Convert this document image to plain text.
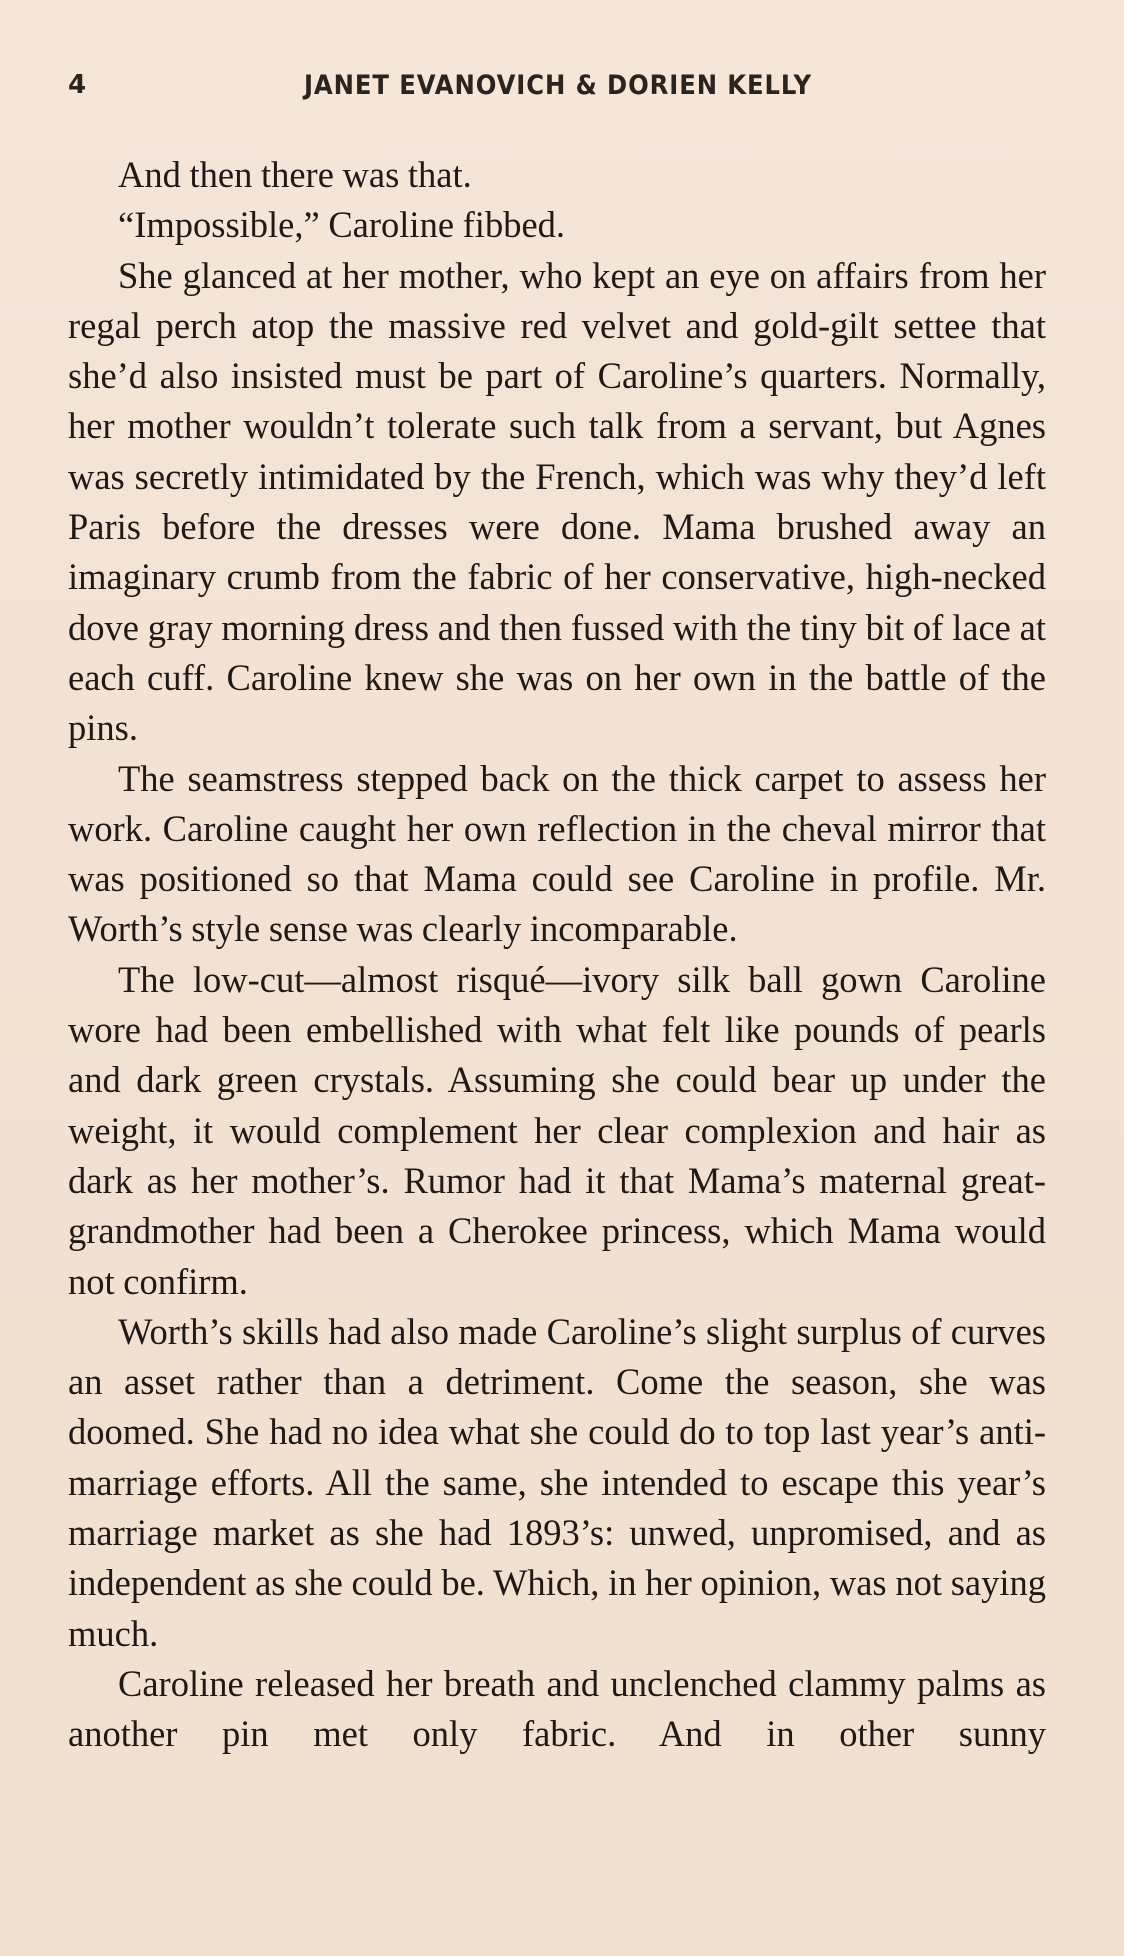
4	JANET EVANOVICH & DORIEN KELLY

And then there was that.

“Impossible,” Caroline fibbed.

She glanced at her mother, who kept an eye on affairs from her regal perch atop the massive red velvet and gold-gilt settee that she’d also insisted must be part of Caroline’s quarters. Normally, her mother wouldn’t tolerate such talk from a servant, but Agnes was secretly intimidated by the French, which was why they’d left Paris before the dresses were done. Mama brushed away an imaginary crumb from the fabric of her conservative, high-necked dove gray morning dress and then fussed with the tiny bit of lace at each cuff. Caroline knew she was on her own in the battle of the pins.

The seamstress stepped back on the thick carpet to assess her work. Caroline caught her own reflection in the cheval mirror that was positioned so that Mama could see Caroline in profile. Mr. Worth’s style sense was clearly incomparable.

The low-cut—almost risqué—ivory silk ball gown Caroline wore had been embellished with what felt like pounds of pearls and dark green crystals. Assuming she could bear up under the weight, it would complement her clear complexion and hair as dark as her mother’s. Rumor had it that Mama’s maternal great-grandmother had been a Cherokee princess, which Mama would not confirm.

Worth’s skills had also made Caroline’s slight surplus of curves an asset rather than a detriment. Come the season, she was doomed. She had no idea what she could do to top last year’s anti-marriage efforts. All the same, she intended to escape this year’s marriage market as she had 1893’s: unwed, unpromised, and as independent as she could be. Which, in her opinion, was not saying much.

Caroline released her breath and unclenched clammy palms as another pin met only fabric. And in other sunny
